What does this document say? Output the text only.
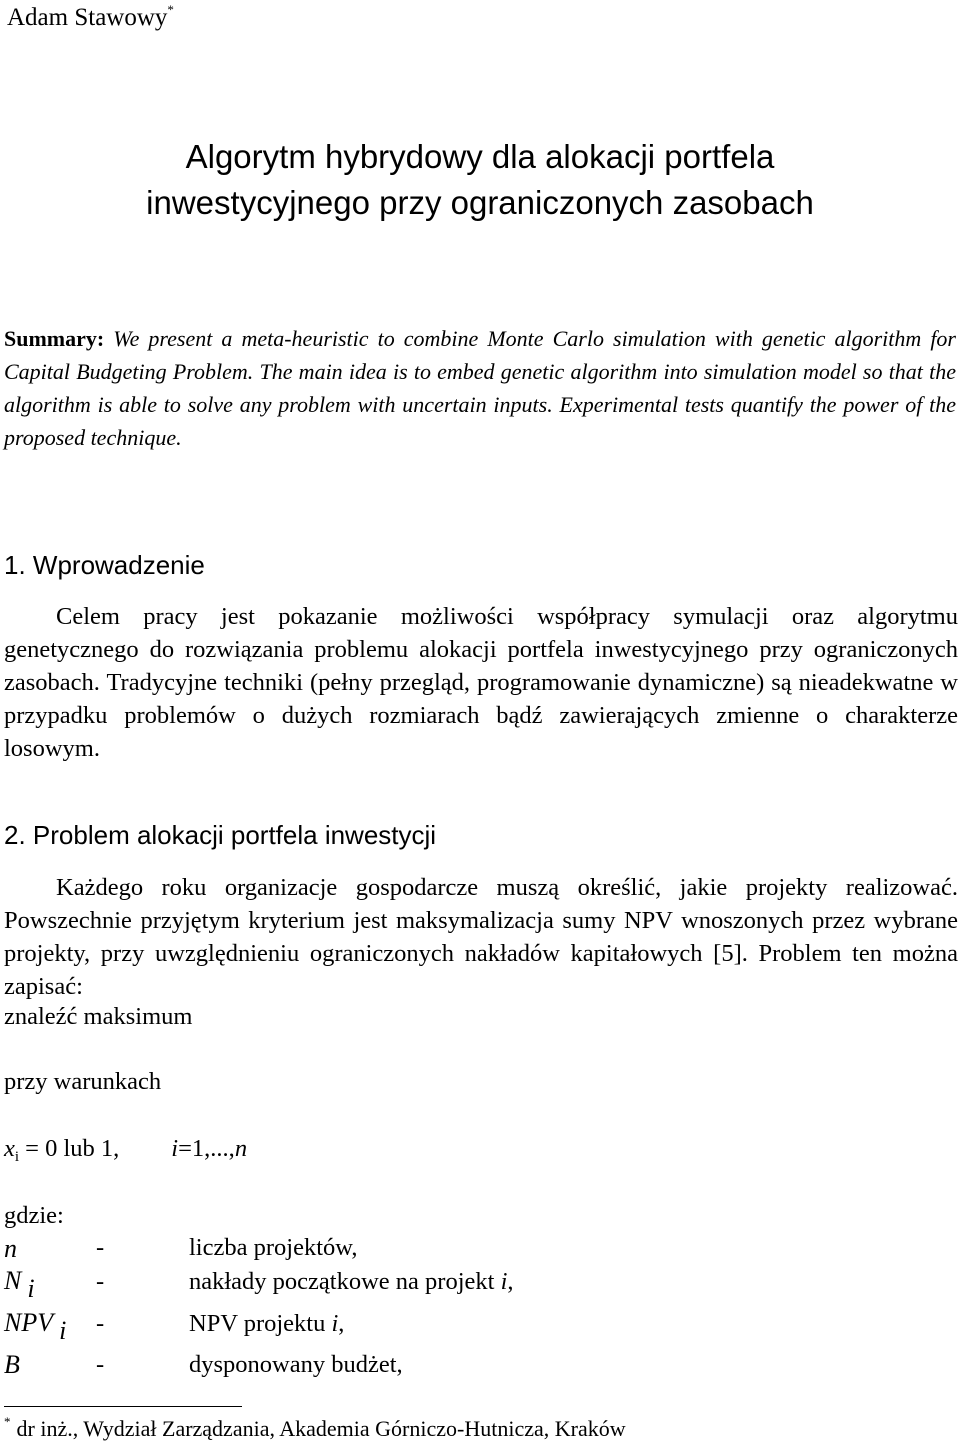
Adam Stawowy*
Algorytm hybrydowy dla alokacji portfela
inwestycyjnego przy ograniczonych zasobach
Summary: We present a meta-heuristic to combine Monte Carlo simulation with genetic algorithm for Capital Budgeting Problem. The main idea is to embed genetic algorithm into simulation model so that the algorithm is able to solve any problem with uncertain inputs. Experimental tests quantify the power of the proposed technique.
1. Wprowadzenie
Celem pracy jest pokazanie możliwości współpracy symulacji oraz algorytmu genetycznego do rozwiązania problemu alokacji portfela inwestycyjnego przy ograniczonych zasobach. Tradycyjne techniki (pełny przegląd, programowanie dynamiczne) są nieadekwatne w przypadku problemów o dużych rozmiarach bądź zawierających zmienne o charakterze losowym.
2. Problem alokacji portfela inwestycji
Każdego roku organizacje gospodarcze muszą określić, jakie projekty realizować. Powszechnie przyjętym kryterium jest maksymalizacja sumy NPV wnoszonych przez wybrane projekty, przy uwzględnieniu ograniczonych nakładów kapitałowych [5]. Problem ten można zapisać:
znaleźć maksimum
przy warunkach
$x_i = 0$ lub 1, i=1,...,n
gdzie:
n	-	liczba projektów,
N i	-	nakłady początkowe na projekt i,
NPV i -	NPV projektu i,
B	-	dysponowany budżet,
* dr inż., Wydział Zarządzania, Akademia Górniczo-Hutnicza, Kraków
